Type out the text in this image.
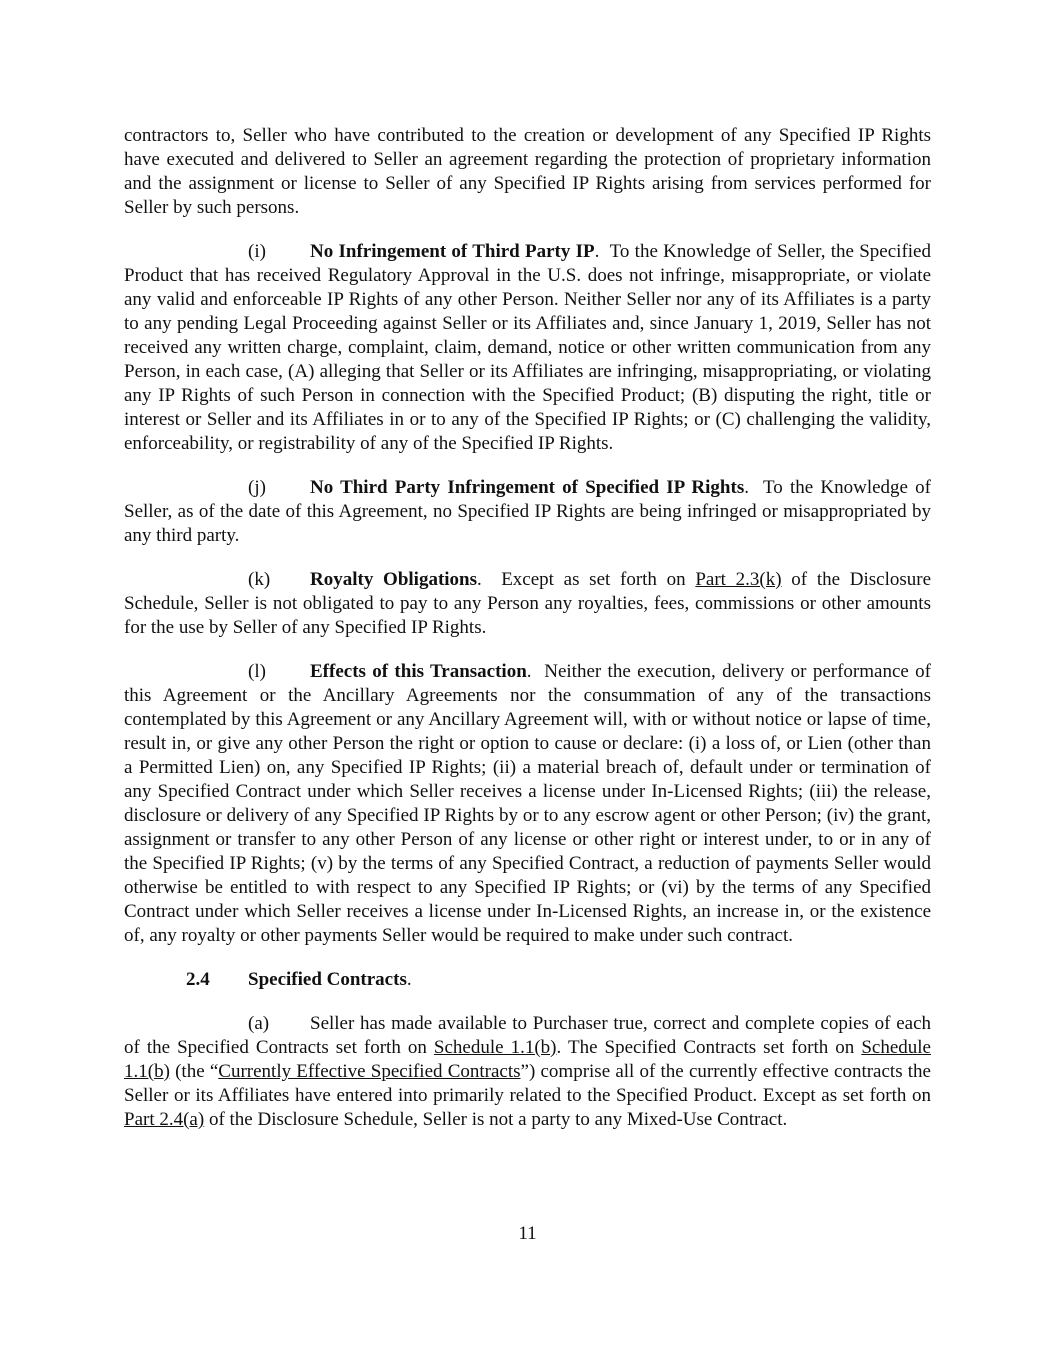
contractors to, Seller who have contributed to the creation or development of any Specified IP Rights have executed and delivered to Seller an agreement regarding the protection of proprietary information and the assignment or license to Seller of any Specified IP Rights arising from services performed for Seller by such persons.

(i) No Infringement of Third Party IP. To the Knowledge of Seller, the Specified Product that has received Regulatory Approval in the U.S. does not infringe, misappropriate, or violate any valid and enforceable IP Rights of any other Person. Neither Seller nor any of its Affiliates is a party to any pending Legal Proceeding against Seller or its Affiliates and, since January 1, 2019, Seller has not received any written charge, complaint, claim, demand, notice or other written communication from any Person, in each case, (A) alleging that Seller or its Affiliates are infringing, misappropriating, or violating any IP Rights of such Person in connection with the Specified Product; (B) disputing the right, title or interest or Seller and its Affiliates in or to any of the Specified IP Rights; or (C) challenging the validity, enforceability, or registrability of any of the Specified IP Rights.

(j) No Third Party Infringement of Specified IP Rights. To the Knowledge of Seller, as of the date of this Agreement, no Specified IP Rights are being infringed or misappropriated by any third party.

(k) Royalty Obligations. Except as set forth on Part 2.3(k) of the Disclosure Schedule, Seller is not obligated to pay to any Person any royalties, fees, commissions or other amounts for the use by Seller of any Specified IP Rights.

(l) Effects of this Transaction. Neither the execution, delivery or performance of this Agreement or the Ancillary Agreements nor the consummation of any of the transactions contemplated by this Agreement or any Ancillary Agreement will, with or without notice or lapse of time, result in, or give any other Person the right or option to cause or declare: (i) a loss of, or Lien (other than a Permitted Lien) on, any Specified IP Rights; (ii) a material breach of, default under or termination of any Specified Contract under which Seller receives a license under In-Licensed Rights; (iii) the release, disclosure or delivery of any Specified IP Rights by or to any escrow agent or other Person; (iv) the grant, assignment or transfer to any other Person of any license or other right or interest under, to or in any of the Specified IP Rights; (v) by the terms of any Specified Contract, a reduction of payments Seller would otherwise be entitled to with respect to any Specified IP Rights; or (vi) by the terms of any Specified Contract under which Seller receives a license under In-Licensed Rights, an increase in, or the existence of, any royalty or other payments Seller would be required to make under such contract.

2.4 Specified Contracts.

(a) Seller has made available to Purchaser true, correct and complete copies of each of the Specified Contracts set forth on Schedule 1.1(b). The Specified Contracts set forth on Schedule 1.1(b) (the “Currently Effective Specified Contracts”) comprise all of the currently effective contracts the Seller or its Affiliates have entered into primarily related to the Specified Product. Except as set forth on Part 2.4(a) of the Disclosure Schedule, Seller is not a party to any Mixed-Use Contract.

11
